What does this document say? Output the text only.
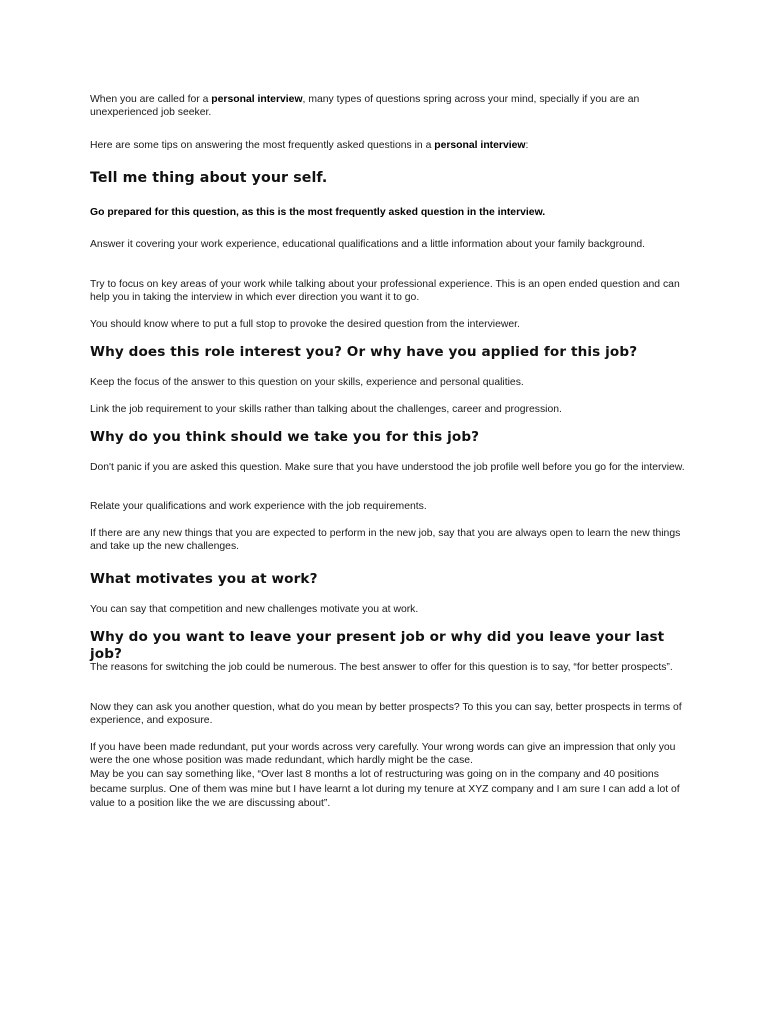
When you are called for a personal interview, many types of questions spring across your mind, specially if you are an unexperienced job seeker.

Here are some tips on answering the most frequently asked questions in a personal interview:

Tell me thing about your self.

Go prepared for this question, as this is the most frequently asked question in the interview.

Answer it covering your work experience, educational qualifications and a little information about your family background.

Try to focus on key areas of your work while talking about your professional experience. This is an open ended question and can help you in taking the interview in which ever direction you want it to go.

You should know where to put a full stop to provoke the desired question from the interviewer.

Why does this role interest you? Or why have you applied for this job?

Keep the focus of the answer to this question on your skills, experience and personal qualities.

Link the job requirement to your skills rather than talking about the challenges, career and progression.

Why do you think should we take you for this job?

Don't panic if you are asked this question. Make sure that you have understood the job profile well before you go for the interview.

Relate your qualifications and work experience with the job requirements.

If there are any new things that you are expected to perform in the new job, say that you are always open to learn the new things and take up the new challenges.

What motivates you at work?

You can say that competition and new challenges motivate you at work.

Why do you want to leave your present job or why did you leave your last job?

The reasons for switching the job could be numerous. The best answer to offer for this question is to say, “for better prospects”.

Now they can ask you another question, what do you mean by better prospects? To this you can say, better prospects in terms of experience, and exposure.

If you have been made redundant, put your words across very carefully. Your wrong words can give an impression that only you were the one whose position was made redundant, which hardly might be the case.

May be you can say something like, “Over last 8 months a lot of restructuring was going on in the company and 40 positions became surplus. One of them was mine but I have learnt a lot during my tenure at XYZ company and I am sure I can add a lot of value to a position like the we are discussing about”.
